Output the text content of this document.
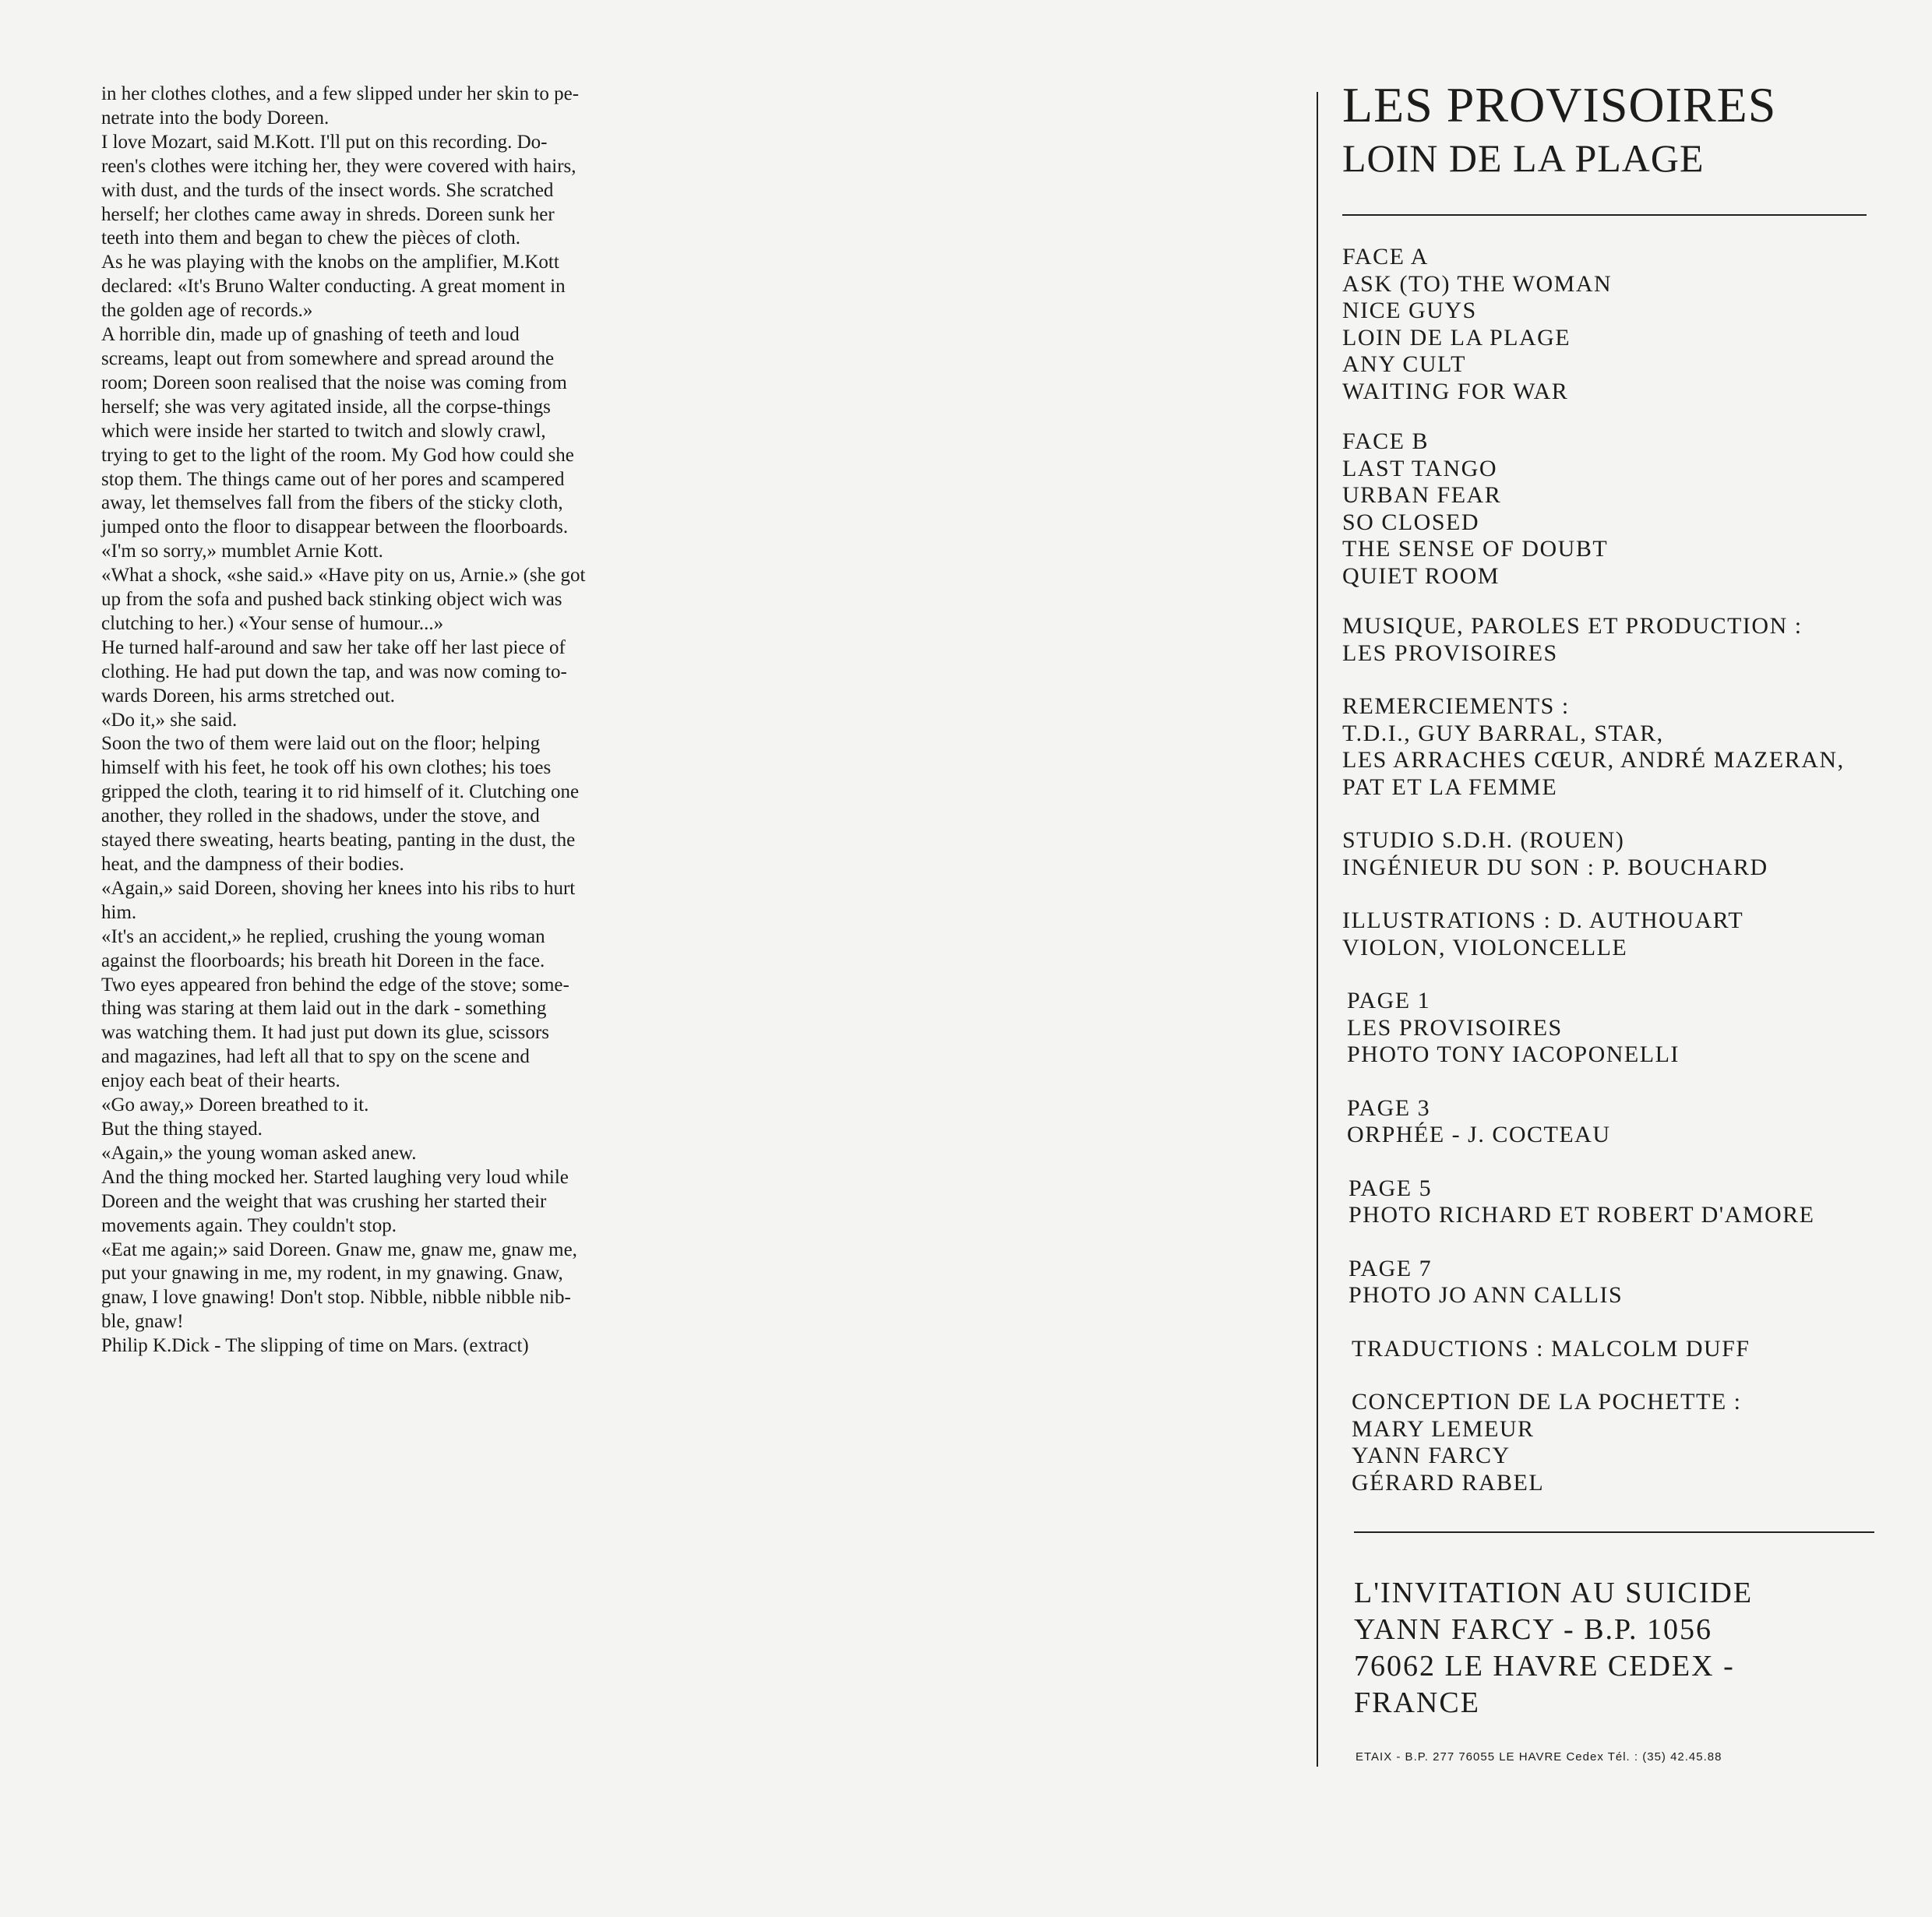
in her clothes clothes, and a few slipped under her skin to pe-
netrate into the body Doreen.
I love Mozart, said M.Kott. I'll put on this recording. Do-
reen's clothes were itching her, they were covered with hairs,
with dust, and the turds of the insect words. She scratched
herself; her clothes came away in shreds. Doreen sunk her
teeth into them and began to chew the pièces of cloth.
As he was playing with the knobs on the amplifier, M.Kott
declared: «It's Bruno Walter conducting. A great moment in
the golden age of records.»
A horrible din, made up of gnashing of teeth and loud
screams, leapt out from somewhere and spread around the
room; Doreen soon realised that the noise was coming from
herself; she was very agitated inside, all the corpse-things
which were inside her started to twitch and slowly crawl,
trying to get to the light of the room. My God how could she
stop them. The things came out of her pores and scampered
away, let themselves fall from the fibers of the sticky cloth,
jumped onto the floor to disappear between the floorboards.
«I'm so sorry,» mumblet Arnie Kott.
«What a shock, «she said.» «Have pity on us, Arnie.» (she got
up from the sofa and pushed back stinking object wich was
clutching to her.) «Your sense of humour...»
He turned half-around and saw her take off her last piece of
clothing. He had put down the tap, and was now coming to-
wards Doreen, his arms stretched out.
«Do it,» she said.
Soon the two of them were laid out on the floor; helping
himself with his feet, he took off his own clothes; his toes
gripped the cloth, tearing it to rid himself of it. Clutching one
another, they rolled in the shadows, under the stove, and
stayed there sweating, hearts beating, panting in the dust, the
heat, and the dampness of their bodies.
«Again,» said Doreen, shoving her knees into his ribs to hurt
him.
«It's an accident,» he replied, crushing the young woman
against the floorboards; his breath hit Doreen in the face.
Two eyes appeared fron behind the edge of the stove; some-
thing was staring at them laid out in the dark - something
was watching them. It had just put down its glue, scissors
and magazines, had left all that to spy on the scene and
enjoy each beat of their hearts.
«Go away,» Doreen breathed to it.
But the thing stayed.
«Again,» the young woman asked anew.
And the thing mocked her. Started laughing very loud while
Doreen and the weight that was crushing her started their
movements again. They couldn't stop.
«Eat me again;» said Doreen. Gnaw me, gnaw me, gnaw me,
put your gnawing in me, my rodent, in my gnawing. Gnaw,
gnaw, I love gnawing! Don't stop. Nibble, nibble nibble nib-
ble, gnaw!
Philip K.Dick - The slipping of time on Mars. (extract)
LES PROVISOIRES
LOIN DE LA PLAGE
FACE A
ASK (TO) THE WOMAN
NICE GUYS
LOIN DE LA PLAGE
ANY CULT
WAITING FOR WAR
FACE B
LAST TANGO
URBAN FEAR
SO CLOSED
THE SENSE OF DOUBT
QUIET ROOM
MUSIQUE, PAROLES ET PRODUCTION :
LES PROVISOIRES
REMERCIEMENTS :
T.D.I., GUY BARRAL, STAR,
LES ARRACHES CŒUR, ANDRÉ MAZERAN,
PAT ET LA FEMME
STUDIO S.D.H. (ROUEN)
INGÉNIEUR DU SON : P. BOUCHARD
ILLUSTRATIONS : D. AUTHOUART
VIOLON, VIOLONCELLE
PAGE 1
LES PROVISOIRES
PHOTO TONY IACOPONELLI
PAGE 3
ORPHÉE - J. COCTEAU
PAGE 5
PHOTO RICHARD ET ROBERT D'AMORE
PAGE 7
PHOTO JO ANN CALLIS
TRADUCTIONS : MALCOLM DUFF
CONCEPTION DE LA POCHETTE :
MARY LEMEUR
YANN FARCY
GÉRARD RABEL
L'INVITATION AU SUICIDE
YANN FARCY - B.P. 1056
76062 LE HAVRE CEDEX -
FRANCE
ETAIX - B.P. 277 76055 LE HAVRE Cedex Tél. : (35) 42.45.88
